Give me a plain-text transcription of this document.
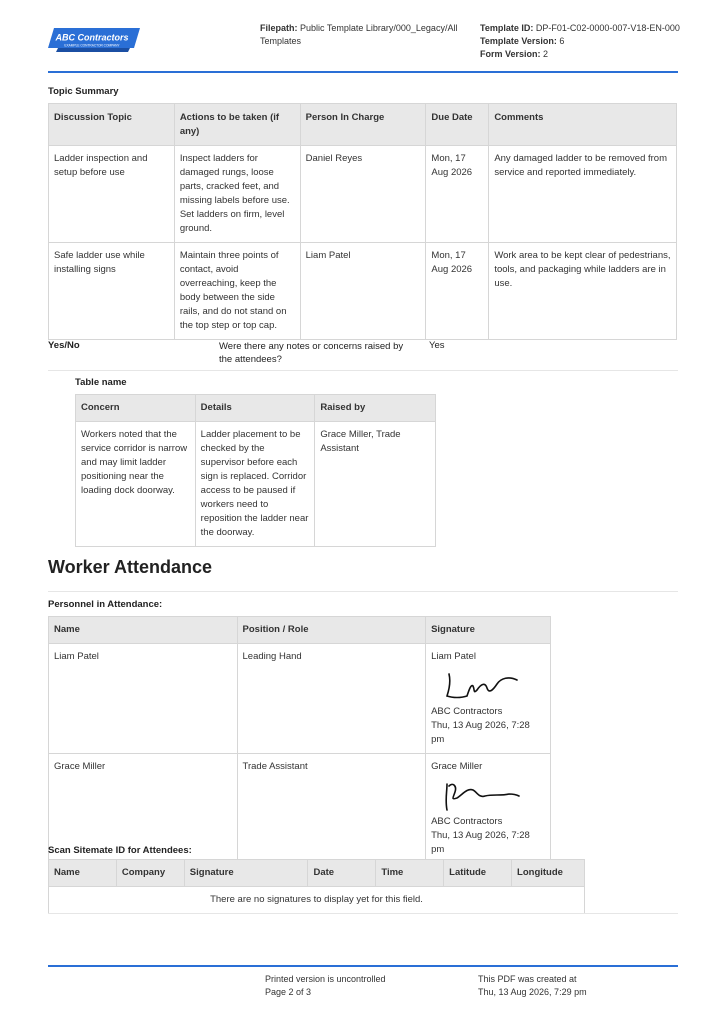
ABC Contractors
EXAMPLE CONTRACTOR COMPANY
Filepath: Public Template Library/000_Legacy/All Templates
Template ID: DP-F01-C02-0000-007-V18-EN-000
Template Version: 6
Form Version: 2
Topic Summary
Discussion Topic	Actions to be taken (if any)	Person In Charge	Due Date	Comments
Ladder inspection and setup before use	Inspect ladders for damaged rungs, loose parts, cracked feet, and missing labels before use. Set ladders on firm, level ground.	Daniel Reyes	Mon, 17 Aug 2026	Any damaged ladder to be removed from service and reported immediately.
Safe ladder use while installing signs	Maintain three points of contact, avoid overreaching, keep the body between the side rails, and do not stand on the top step or top cap.	Liam Patel	Mon, 17 Aug 2026	Work area to be kept clear of pedestrians, tools, and packaging while ladders are in use.
Yes/No	Were there any notes or concerns raised by the attendees?
Yes
Table name
Concern	Details	Raised by
Workers noted that the service corridor is narrow and may limit ladder positioning near the loading dock doorway.	Ladder placement to be checked by the supervisor before each sign is replaced. Corridor access to be paused if workers need to reposition the ladder near the doorway.	Grace Miller, Trade Assistant
Worker Attendance
Personnel in Attendance:
Name	Position / Role	Signature
Liam Patel	Leading Hand	Liam Patel
ABC Contractors
Thu, 13 Aug 2026, 7:28 pm

Grace Miller	Trade Assistant	Grace Miller
ABC Contractors
Thu, 13 Aug 2026, 7:28 pm
Scan Sitemate ID for Attendees:
Name	Company	Signature	Date	Time	Latitude	Longitude
There are no signatures to display yet for this field.
Printed version is uncontrolled
Page 2 of 3
This PDF was created at
Thu, 13 Aug 2026, 7:29 pm
